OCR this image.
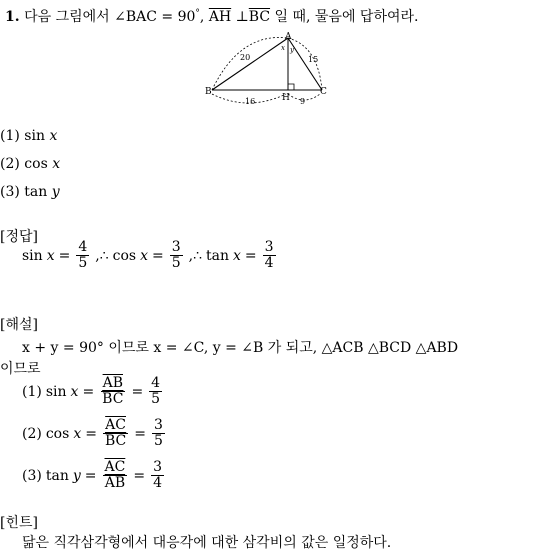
1. 다음 그림에서 ∠BAC = 90°, $\overline{AH}$ $\perp\overline{BC}$ 일 때, 물음에 답하여라.
A
B	C
H
x y
20	15
16	9
(1) sin x
(2) cos x
(3) tan y
[정답]
$\sin x = \frac{4}{5}$ ,∴ $\cos x = \frac{3}{5}$ ,∴ $\tan x = \frac{3}{4}$
[해설]
x + y = 90° 이므로 x = ∠C, y = ∠B 가 되고, △ACB △BCD △ABD
이므로
(1) $\sin x = \frac{\overline{AB}}{BC} = \frac{4}{5}$
(2) $\cos x = \frac{\overline{AC}}{BC} = \frac{3}{5}$
(3) $\tan y = \frac{\overline{AC}}{AB} = \frac{3}{4}$
[힌트]
닮은 직각삼각형에서 대응각에 대한 삼각비의 값은 일정하다.
